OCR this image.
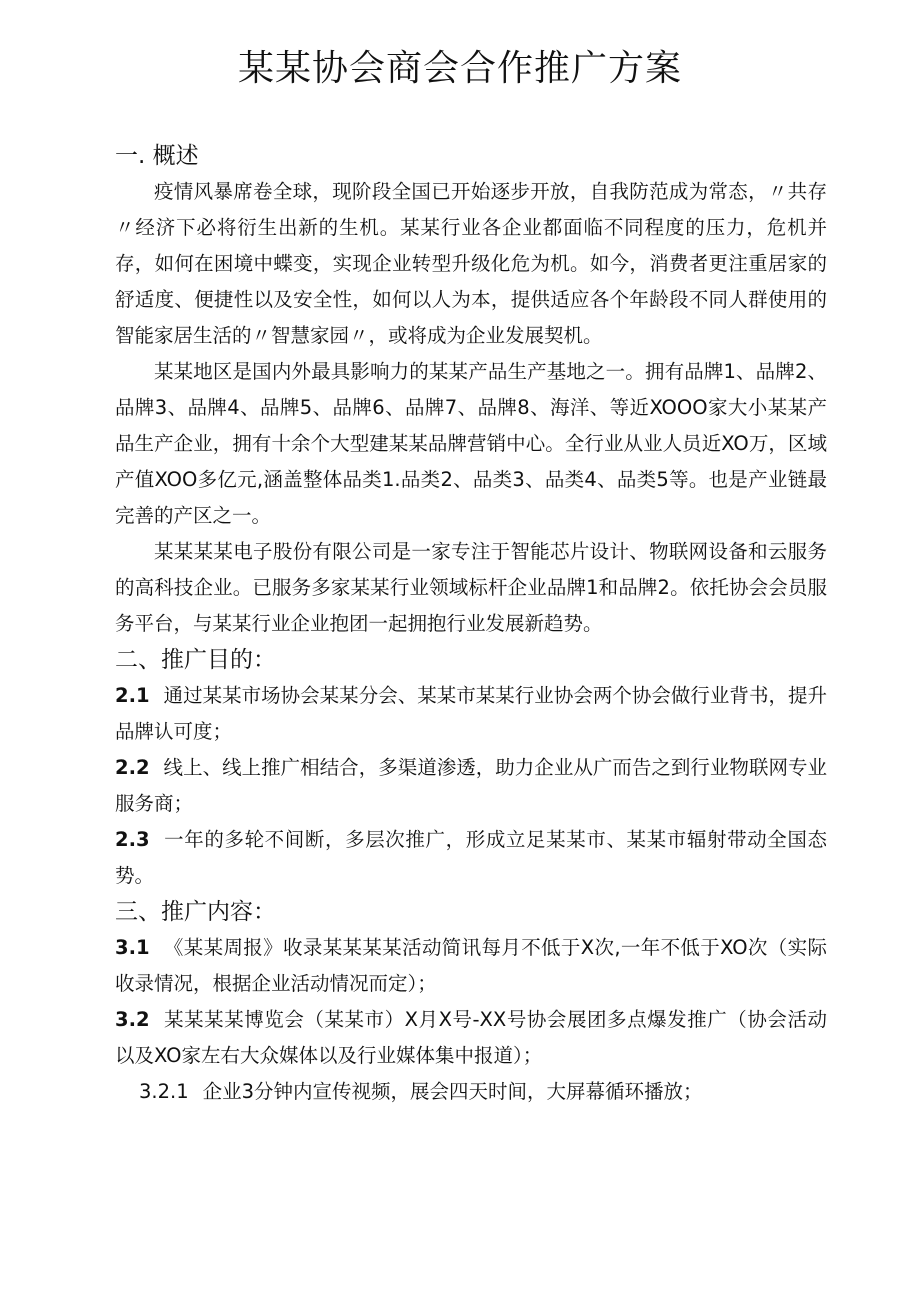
某某协会商会合作推广方案
一. 概述

疫情风暴席卷全球，现阶段全国已开始逐步开放，自我防范成为常态，〃共存〃经济下必将衍生出新的生机。某某行业各企业都面临不同程度的压力，危机并存，如何在困境中蝶变，实现企业转型升级化危为机。如今，消费者更注重居家的舒适度、便捷性以及安全性，如何以人为本，提供适应各个年龄段不同人群使用的智能家居生活的〃智慧家园〃，或将成为企业发展契机。

某某地区是国内外最具影响力的某某产品生产基地之一。拥有品牌1、品牌2、品牌3、品牌4、品牌5、品牌6、品牌7、品牌8、海洋、等近XOOO家大小某某产品生产企业，拥有十余个大型建某某品牌营销中心。全行业从业人员近XO万，区域产值XOO多亿元,涵盖整体品类1.品类2、品类3、品类4、品类5等。也是产业链最完善的产区之一。

某某某某电子股份有限公司是一家专注于智能芯片设计、物联网设备和云服务的高科技企业。已服务多家某某行业领域标杆企业品牌1和品牌2。依托协会会员服务平台，与某某行业企业抱团一起拥抱行业发展新趋势。

二、推广目的：

2.1 通过某某市场协会某某分会、某某市某某行业协会两个协会做行业背书，提升品牌认可度；

2.2 线上、线上推广相结合，多渠道渗透，助力企业从广而告之到行业物联网专业服务商；

2.3 一年的多轮不间断，多层次推广，形成立足某某市、某某市辐射带动全国态势。

三、推广内容：

3.1 《某某周报》收录某某某某活动简讯每月不低于X次,一年不低于XO次（实际收录情况，根据企业活动情况而定）；

3.2 某某某某博览会（某某市）X月X号-XX号协会展团多点爆发推广（协会活动以及XO家左右大众媒体以及行业媒体集中报道）；

3.2.1 企业3分钟内宣传视频，展会四天时间，大屏幕循环播放；
